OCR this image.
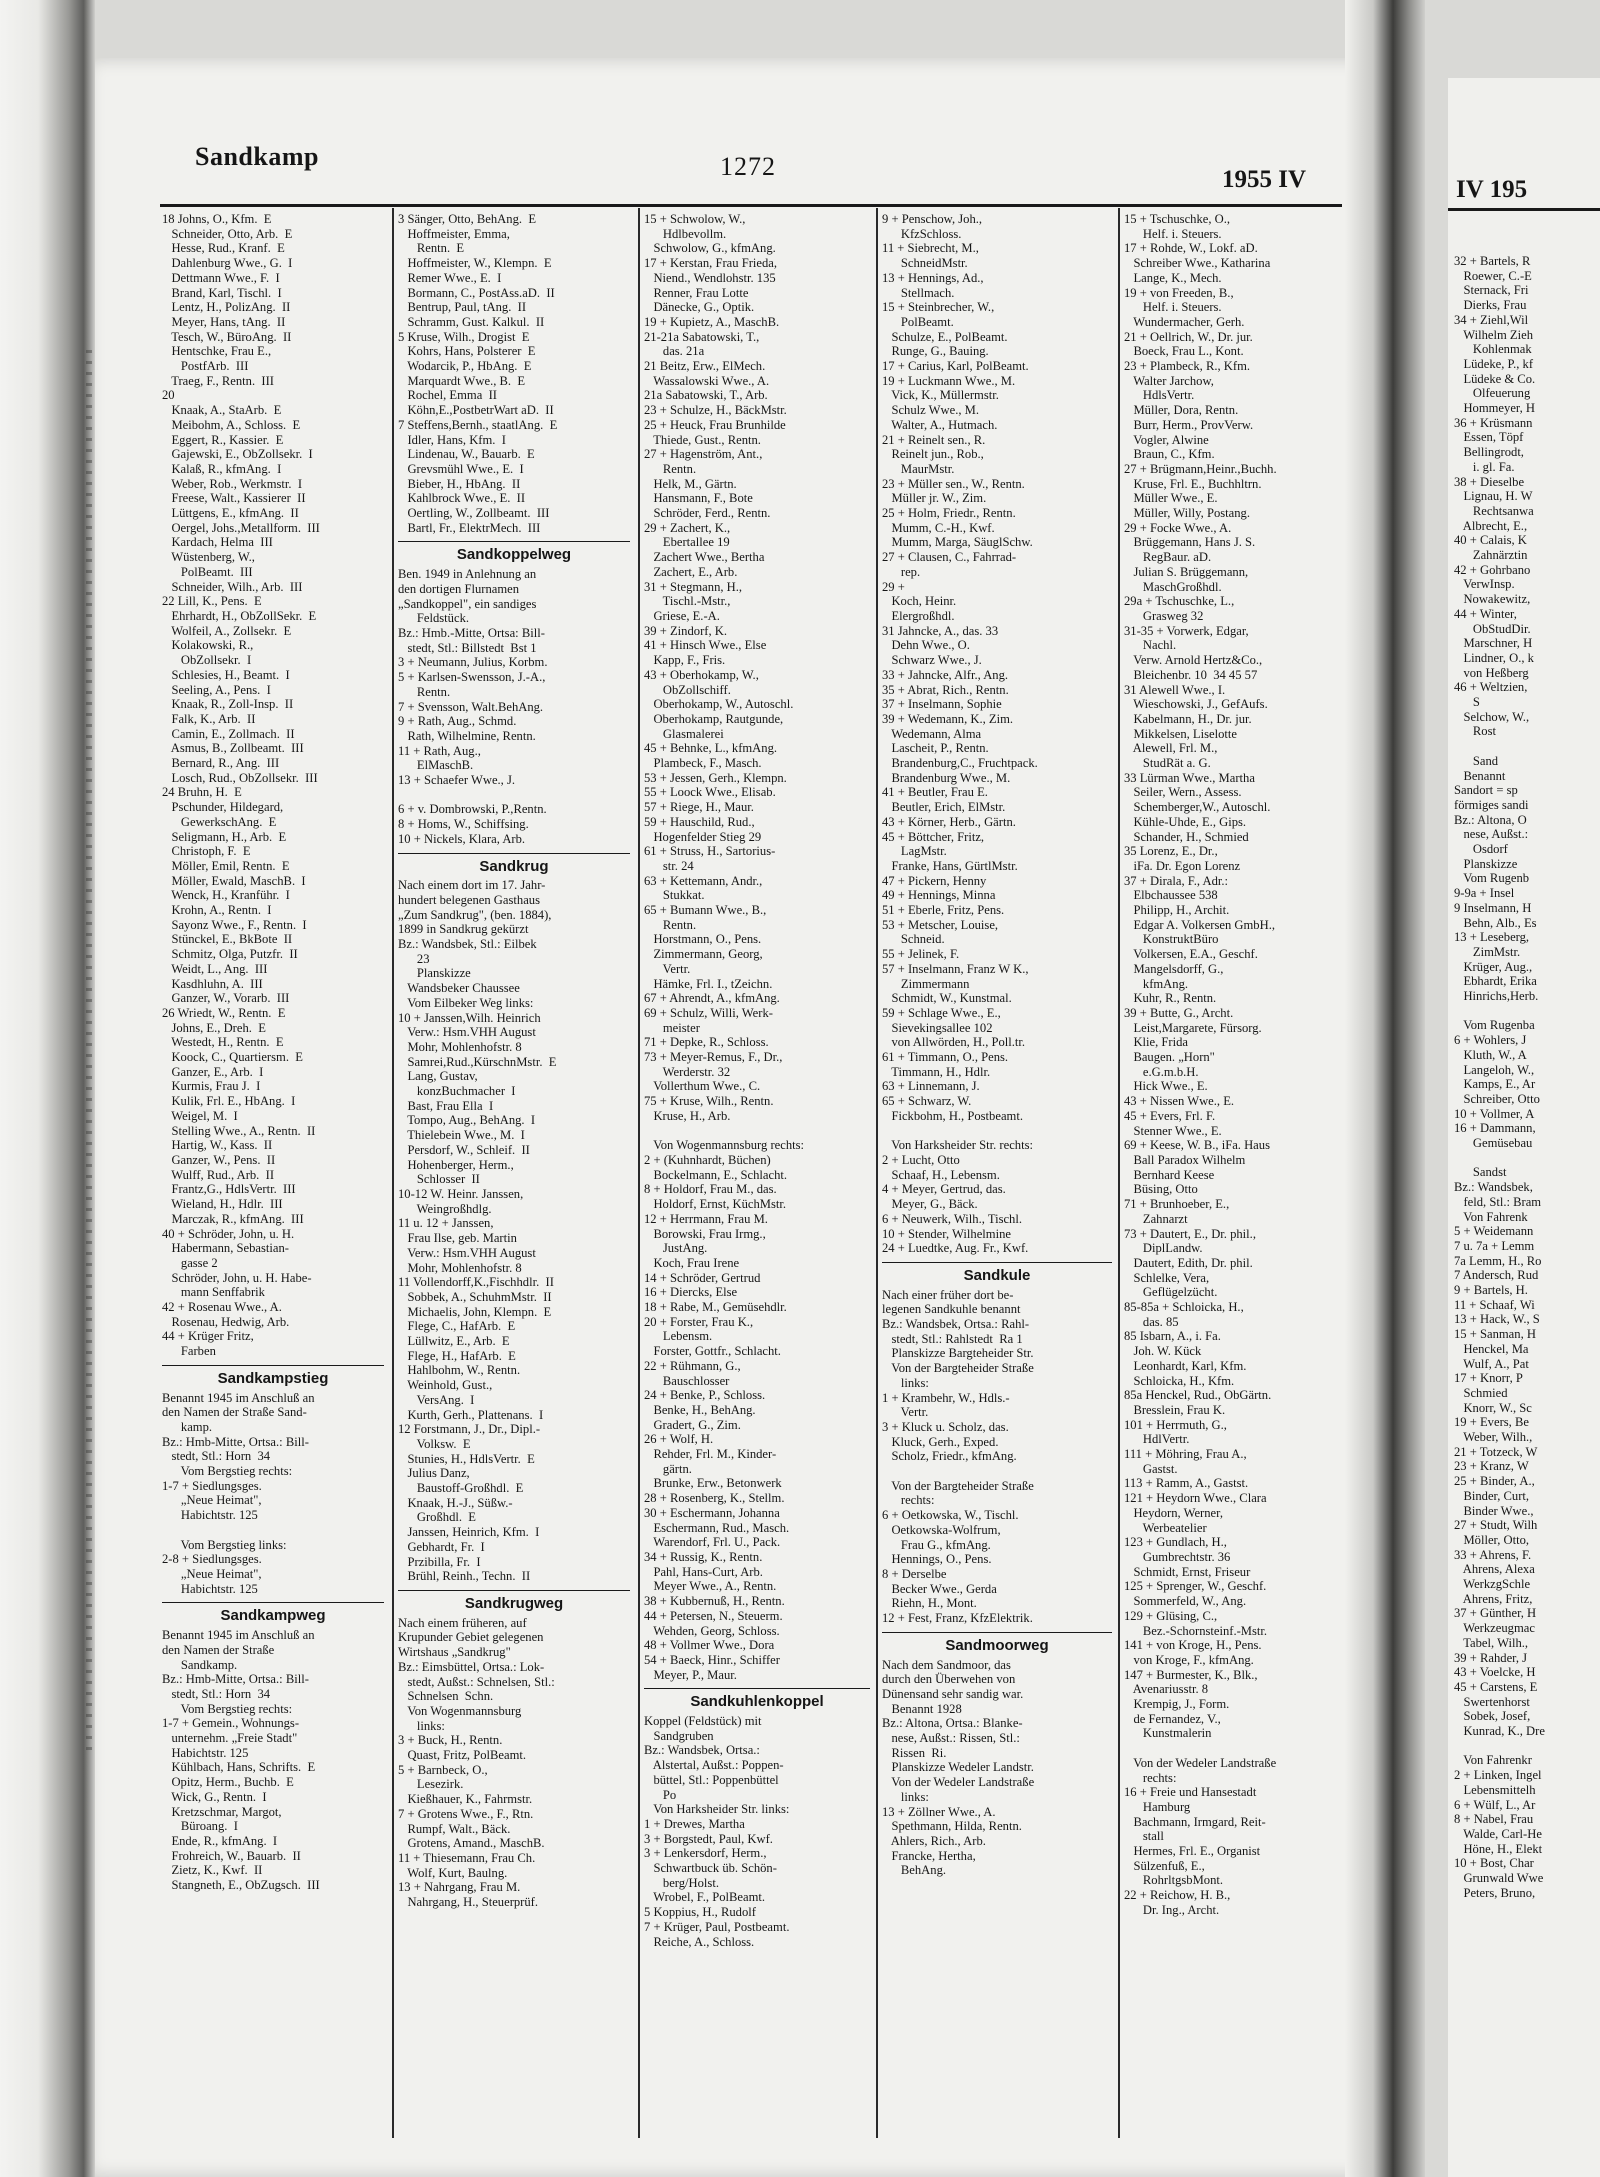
Sandkamp	1272	1955 IV
18 Johns, O., Kfm.  E
Schneider, Otto, Arb.  E
Hesse, Rud., Kranf.  E
Dahlenburg Wwe., G.  I
Dettmann Wwe., F.  I
Brand, Karl, Tischl.  I
Lentz, H., PolizAng.  II
Meyer, Hans, tAng.  II
Tesch, W., BüroAng.  II
Hentschke, Frau E.,
PostfArb.  III
Traeg, F., Rentn.  III
20
Knaak, A., StaArb.  E
Meibohm, A., Schloss.  E
Eggert, R., Kassier.  E
Gajewski, E., ObZollsekr.  I
Kalaß, R., kfmAng.  I
Weber, Rob., Werkmstr.  I
Freese, Walt., Kassierer  II
Lüttgens, E., kfmAng.  II
Oergel, Johs.,Metallform.  III
Kardach, Helma  III
Wüstenberg, W.,
PolBeamt.  III
Schneider, Wilh., Arb.  III
22 Lill, K., Pens.  E
Ehrhardt, H., ObZollSekr.  E
Wolfeil, A., Zollsekr.  E
Kolakowski, R.,
ObZollsekr.  I
Schlesies, H., Beamt.  I
Seeling, A., Pens.  I
Knaak, R., Zoll-Insp.  II
Falk, K., Arb.  II
Camin, E., Zollmach.  II
Asmus, B., Zollbeamt.  III
Bernard, R., Ang.  III
Losch, Rud., ObZollsekr.  III
24 Bruhn, H.  E
Pschunder, Hildegard,
GewerkschAng.  E
Seligmann, H., Arb.  E
Christoph, F.  E
Möller, Emil, Rentn.  E
Möller, Ewald, MaschB.  I
Wenck, H., Kranführ.  I
Krohn, A., Rentn.  I
Sayonz Wwe., F., Rentn.  I
Stünckel, E., BkBote  II
Schmitz, Olga, Putzfr.  II
Weidt, L., Ang.  III
Kasdhluhn, A.  III
Ganzer, W., Vorarb.  III
26 Wriedt, W., Rentn.  E
Johns, E., Dreh.  E
Westedt, H., Rentn.  E
Koock, C., Quartiersm.  E
Ganzer, E., Arb.  I
Kurmis, Frau J.  I
Kulik, Frl. E., HbAng.  I
Weigel, M.  I
Stelling Wwe., A., Rentn.  II
Hartig, W., Kass.  II
Ganzer, W., Pens.  II
Wulff, Rud., Arb.  II
Frantz,G., HdlsVertr.  III
Wieland, H., Hdlr.  III
Marczak, R., kfmAng.  III
40 + Schröder, John, u. H.
Habermann, Sebastian-
gasse 2
Schröder, John, u. H. Habe-
mann Senffabrik
42 + Rosenau Wwe., A.
Rosenau, Hedwig, Arb.
44 + Krüger Fritz,
Farben
Sandkampstieg
Benannt 1945 im Anschluß an
den Namen der Straße Sand-
kamp.
Bz.: Hmb-Mitte, Ortsa.: Bill-
stedt, Stl.: Horn  34
Vom Bergstieg rechts:
1-7 + Siedlungsges.
„Neue Heimat",
Habichtstr. 125

Vom Bergstieg links:
2-8 + Siedlungsges.
„Neue Heimat",
Habichtstr. 125
Sandkampweg
Benannt 1945 im Anschluß an
den Namen der Straße
Sandkamp.
Bz.: Hmb-Mitte, Ortsa.: Bill-
stedt, Stl.: Horn  34
Vom Bergstieg rechts:
1-7 + Gemein., Wohnungs-
unternehm. „Freie Stadt"
Habichtstr. 125
Kühlbach, Hans, Schrifts.  E
Opitz, Herm., Buchb.  E
Wick, G., Rentn.  I
Kretzschmar, Margot,
Büroang.  I
Ende, R., kfmAng.  I
Frohreich, W., Bauarb.  II
Zietz, K., Kwf.  II
Stangneth, E., ObZugsch.  III
3 Sänger, Otto, BehAng.  E
Hoffmeister, Emma,
Rentn.  E
Hoffmeister, W., Klempn.  E
Remer Wwe., E.  I
Bormann, C., PostAss.aD.  II
Bentrup, Paul, tAng.  II
Schramm, Gust. Kalkul.  II
5 Kruse, Wilh., Drogist  E
Kohrs, Hans, Polsterer  E
Wodarcik, P., HbAng.  E
Marquardt Wwe., B.  E
Rochel, Emma  II
Köhn,E.,PostbetrWart aD.  II
7 Steffens,Bernh., staatlAng.  E
Idler, Hans, Kfm.  I
Lindenau, W., Bauarb.  E
Grevsmühl Wwe., E.  I
Bieber, H., HbAng.  II
Kahlbrock Wwe., E.  II
Oertling, W., Zollbeamt.  III
Bartl, Fr., ElektrMech.  III
Sandkoppelweg
Ben. 1949 in Anlehnung an
den dortigen Flurnamen
„Sandkoppel", ein sandiges
Feldstück.
Bz.: Hmb.-Mitte, Ortsa: Bill-
stedt, Stl.: Billstedt  Bst 1
3 + Neumann, Julius, Korbm.
5 + Karlsen-Swensson, J.-A.,
Rentn.
7 + Svensson, Walt.BehAng.
9 + Rath, Aug., Schmd.
Rath, Wilhelmine, Rentn.
11 + Rath, Aug.,
ElMaschB.
13 + Schaefer Wwe., J.

6 + v. Dombrowski, P.,Rentn.
8 + Homs, W., Schiffsing.
10 + Nickels, Klara, Arb.
Sandkrug
Nach einem dort im 17. Jahr-
hundert belegenen Gasthaus
„Zum Sandkrug", (ben. 1884),
1899 in Sandkrug gekürzt
Bz.: Wandsbek, Stl.: Eilbek
23
Planskizze
Wandsbeker Chaussee
Vom Eilbeker Weg links:
10 + Janssen,Wilh. Heinrich
Verw.: Hsm.VHH August
Mohr, Mohlenhofstr. 8
Samrei,Rud.,KürschnMstr.  E
Lang, Gustav,
konzBuchmacher  I
Bast, Frau Ella  I
Tompo, Aug., BehAng.  I
Thielebein Wwe., M.  I
Persdorf, W., Schleif.  II
Hohenberger, Herm.,
Schlosser  II
10-12 W. Heinr. Janssen,
Weingroßhdlg.
11 u. 12 + Janssen,
Frau Ilse, geb. Martin
Verw.: Hsm.VHH August
Mohr, Mohlenhofstr. 8
11 Vollendorff,K.,Fischhdlr.  II
Sobbek, A., SchuhmMstr.  II
Michaelis, John, Klempn.  E
Flege, C., HafArb.  E
Lüllwitz, E., Arb.  E
Flege, H., HafArb.  E
Hahlbohm, W., Rentn.
Weinhold, Gust.,
VersAng.  I
Kurth, Gerh., Plattenans.  I
12 Forstmann, J., Dr., Dipl.-
Volksw.  E
Stunies, H., HdlsVertr.  E
Julius Danz,
Baustoff-Großhdl.  E
Knaak, H.-J., Süßw.-
Großhdl.  E
Janssen, Heinrich, Kfm.  I
Gebhardt, Fr.  I
Przibilla, Fr.  I
Brühl, Reinh., Techn.  II
Sandkrugweg
Nach einem früheren, auf
Krupunder Gebiet gelegenen
Wirtshaus „Sandkrug"
Bz.: Eimsbüttel, Ortsa.: Lok-
stedt, Außst.: Schnelsen, Stl.:
Schnelsen  Schn.
Von Wogenmannsburg
links:
3 + Buck, H., Rentn.
Quast, Fritz, PolBeamt.
5 + Barnbeck, O.,
Lesezirk.
Kießhauer, K., Fahrmstr.
7 + Grotens Wwe., F., Rtn.
Rumpf, Walt., Bäck.
Grotens, Amand., MaschB.
11 + Thiesemann, Frau Ch.
Wolf, Kurt, Baulng.
13 + Nahrgang, Frau M.
Nahrgang, H., Steuerprüf.
15 + Schwolow, W.,
Hdlbevollm.
Schwolow, G., kfmAng.
17 + Kerstan, Frau Frieda,
Niend., Wendlohstr. 135
Renner, Frau Lotte
Dänecke, G., Optik.
19 + Kupietz, A., MaschB.
21-21a Sabatowski, T.,
das. 21a
21 Beitz, Erw., ElMech.
Wassalowski Wwe., A.
21a Sabatowski, T., Arb.
23 + Schulze, H., BäckMstr.
25 + Heuck, Frau Brunhilde
Thiede, Gust., Rentn.
27 + Hagenström, Ant.,
Rentn.
Helk, M., Gärtn.
Hansmann, F., Bote
Schröder, Ferd., Rentn.
29 + Zachert, K.,
Ebertallee 19
Zachert Wwe., Bertha
Zachert, E., Arb.
31 + Stegmann, H.,
Tischl.-Mstr.,
Griese, E.-A.
39 + Zindorf, K.
41 + Hinsch Wwe., Else
Kapp, F., Fris.
43 + Oberhokamp, W.,
ObZollschiff.
Oberhokamp, W., Autoschl.
Oberhokamp, Rautgunde,
Glasmalerei
45 + Behnke, L., kfmAng.
Plambeck, F., Masch.
53 + Jessen, Gerh., Klempn.
55 + Loock Wwe., Elisab.
57 + Riege, H., Maur.
59 + Hauschild, Rud.,
Hogenfelder Stieg 29
61 + Struss, H., Sartorius-
str. 24
63 + Kettemann, Andr.,
Stukkat.
65 + Bumann Wwe., B.,
Rentn.
Horstmann, O., Pens.
Zimmermann, Georg,
Vertr.
Hämke, Frl. I., tZeichn.
67 + Ahrendt, A., kfmAng.
69 + Schulz, Willi, Werk-
meister
71 + Depke, R., Schloss.
73 + Meyer-Remus, F., Dr.,
Werderstr. 32
Vollerthum Wwe., C.
75 + Kruse, Wilh., Rentn.
Kruse, H., Arb.

Von Wogenmannsburg rechts:
2 + (Kuhnhardt, Büchen)
Bockelmann, E., Schlacht.
8 + Holdorf, Frau M., das.
Holdorf, Ernst, KüchMstr.
12 + Herrmann, Frau M.
Borowski, Frau Irmg.,
JustAng.
Koch, Frau Irene
14 + Schröder, Gertrud
16 + Diercks, Else
18 + Rabe, M., Gemüsehdlr.
20 + Forster, Frau K.,
Lebensm.
Forster, Gottfr., Schlacht.
22 + Rühmann, G.,
Bauschlosser
24 + Benke, P., Schloss.
Benke, H., BehAng.
Gradert, G., Zim.
26 + Wolf, H.
Rehder, Frl. M., Kinder-
gärtn.
Brunke, Erw., Betonwerk
28 + Rosenberg, K., Stellm.
30 + Eschermann, Johanna
Eschermann, Rud., Masch.
Warendorf, Frl. U., Pack.
34 + Russig, K., Rentn.
Pahl, Hans-Curt, Arb.
Meyer Wwe., A., Rentn.
38 + Kubbernuß, H., Rentn.
44 + Petersen, N., Steuerm.
Wehden, Georg, Schloss.
48 + Vollmer Wwe., Dora
54 + Baeck, Hinr., Schiffer
Meyer, P., Maur.
Sandkuhlenkoppel
Koppel (Feldstück) mit
Sandgruben
Bz.: Wandsbek, Ortsa.:
Alstertal, Außst.: Poppen-
büttel, Stl.: Poppenbüttel
Po
Von Harksheider Str. links:
1 + Drewes, Martha
3 + Borgstedt, Paul, Kwf.
3 + Lenkersdorf, Herm.,
Schwartbuck üb. Schön-
berg/Holst.
Wrobel, F., PolBeamt.
5 Koppius, H., Rudolf
7 + Krüger, Paul, Postbeamt.
Reiche, A., Schloss.
9 + Penschow, Joh.,
KfzSchloss.
11 + Siebrecht, M.,
SchneidMstr.
13 + Hennings, Ad.,
Stellmach.
15 + Steinbrecher, W.,
PolBeamt.
Schulze, E., PolBeamt.
Runge, G., Bauing.
17 + Carius, Karl, PolBeamt.
19 + Luckmann Wwe., M.
Vick, K., Müllermstr.
Schulz Wwe., M.
Walter, A., Hutmach.
21 + Reinelt sen., R.
Reinelt jun., Rob.,
MaurMstr.
23 + Müller sen., W., Rentn.
Müller jr. W., Zim.
25 + Holm, Friedr., Rentn.
Mumm, C.-H., Kwf.
Mumm, Marga, SäuglSchw.
27 + Clausen, C., Fahrrad-
rep.
29 +
Koch, Heinr.
Elergroßhdl.
31 Jahncke, A., das. 33
Dehn Wwe., O.
Schwarz Wwe., J.
33 + Jahncke, Alfr., Ang.
35 + Abrat, Rich., Rentn.
37 + Inselmann, Sophie
39 + Wedemann, K., Zim.
Wedemann, Alma
Lascheit, P., Rentn.
Brandenburg,C., Fruchtpack.
Brandenburg Wwe., M.
41 + Beutler, Frau E.
Beutler, Erich, ElMstr.
43 + Körner, Herb., Gärtn.
45 + Böttcher, Fritz,
LagMstr.
Franke, Hans, GürtlMstr.
47 + Pickern, Henny
49 + Hennings, Minna
51 + Eberle, Fritz, Pens.
53 + Metscher, Louise,
Schneid.
55 + Jelinek, F.
57 + Inselmann, Franz W K.,
Zimmermann
Schmidt, W., Kunstmal.
59 + Schlage Wwe., E.,
Sievekingsallee 102
von Allwörden, H., Poll.tr.
61 + Timmann, O., Pens.
Timmann, H., Hdlr.
63 + Linnemann, J.
65 + Schwarz, W.
Fickbohm, H., Postbeamt.

Von Harksheider Str. rechts:
2 + Lucht, Otto
Schaaf, H., Lebensm.
4 + Meyer, Gertrud, das.
Meyer, G., Bäck.
6 + Neuwerk, Wilh., Tischl.
10 + Stender, Wilhelmine
24 + Luedtke, Aug. Fr., Kwf.
Sandkule
Nach einer früher dort be-
legenen Sandkuhle benannt
Bz.: Wandsbek, Ortsa.: Rahl-
stedt, Stl.: Rahlstedt  Ra 1
Planskizze Bargteheider Str.
Von der Bargteheider Straße
links:
1 + Krambehr, W., Hdls.-
Vertr.
3 + Kluck u. Scholz, das.
Kluck, Gerh., Exped.
Scholz, Friedr., kfmAng.

Von der Bargteheider Straße
rechts:
6 + Oetkowska, W., Tischl.
Oetkowska-Wolfrum,
Frau G., kfmAng.
Hennings, O., Pens.
8 + Derselbe
Becker Wwe., Gerda
Riehn, H., Mont.
12 + Fest, Franz, KfzElektrik.
Sandmoorweg
Nach dem Sandmoor, das
durch den Überwehen von
Dünensand sehr sandig war.
Benannt 1928
Bz.: Altona, Ortsa.: Blanke-
nese, Außst.: Rissen, Stl.:
Rissen  Ri.
Planskizze Wedeler Landstr.
Von der Wedeler Landstraße
links:
13 + Zöllner Wwe., A.
Spethmann, Hilda, Rentn.
Ahlers, Rich., Arb.
Francke, Hertha,
BehAng.
15 + Tschuschke, O.,
Helf. i. Steuers.
17 + Rohde, W., Lokf. aD.
Schreiber Wwe., Katharina
Lange, K., Mech.
19 + von Freeden, B.,
Helf. i. Steuers.
Wundermacher, Gerh.
21 + Oellrich, W., Dr. jur.
Boeck, Frau L., Kont.
23 + Plambeck, R., Kfm.
Walter Jarchow,
HdlsVertr.
Müller, Dora, Rentn.
Burr, Herm., ProvVerw.
Vogler, Alwine
Braun, C., Kfm.
27 + Brügmann,Heinr.,Buchh.
Kruse, Frl. E., Buchhltrn.
Müller Wwe., E.
Müller, Willy, Postang.
29 + Focke Wwe., A.
Brüggemann, Hans J. S.
RegBaur. aD.
Julian S. Brüggemann,
MaschGroßhdl.
29a + Tschuschke, L.,
Grasweg 32
31-35 + Vorwerk, Edgar,
Nachl.
Verw. Arnold Hertz&Co.,
Bleichenbr. 10  34 45 57
31 Alewell Wwe., I.
Wieschowski, J., GefAufs.
Kabelmann, H., Dr. jur.
Mikkelsen, Liselotte
Alewell, Frl. M.,
StudRät a. G.
33 Lürman Wwe., Martha
Seiler, Wern., Assess.
Schemberger,W., Autoschl.
Kühle-Uhde, E., Gips.
Schander, H., Schmied
35 Lorenz, E., Dr.,
iFa. Dr. Egon Lorenz
37 + Dirala, F., Adr.:
Elbchaussee 538
Philipp, H., Archit.
Edgar A. Volkersen GmbH.,
KonstruktBüro
Volkersen, E.A., Geschf.
Mangelsdorff, G.,
kfmAng.
Kuhr, R., Rentn.
39 + Butte, G., Archt.
Leist,Margarete, Fürsorg.
Klie, Frida
Baugen. „Horn"
e.G.m.b.H.
Hick Wwe., E.
43 + Nissen Wwe., E.
45 + Evers, Frl. F.
Stenner Wwe., E.
69 + Keese, W. B., iFa. Haus
Ball Paradox Wilhelm
Bernhard Keese
Büsing, Otto
71 + Brunhoeber, E.,
Zahnarzt
73 + Dautert, E., Dr. phil.,
DiplLandw.
Dautert, Edith, Dr. phil.
Schlelke, Vera,
Geflügelzücht.
85-85a + Schloicka, H.,
das. 85
85 Isbarn, A., i. Fa.
Joh. W. Kück
Leonhardt, Karl, Kfm.
Schloicka, H., Kfm.
85a Henckel, Rud., ObGärtn.
Bresslein, Frau K.
101 + Herrmuth, G.,
HdlVertr.
111 + Möhring, Frau A.,
Gastst.
113 + Ramm, A., Gastst.
121 + Heydorn Wwe., Clara
Heydorn, Werner,
Werbeatelier
123 + Gundlach, H.,
Gumbrechtstr. 36
Schmidt, Ernst, Friseur
125 + Sprenger, W., Geschf.
Sommerfeld, W., Ang.
129 + Glüsing, C.,
Bez.-Schornsteinf.-Mstr.
141 + von Kroge, H., Pens.
von Kroge, F., kfmAng.
147 + Burmester, K., Blk.,
Avenariusstr. 8
Krempig, J., Form.
de Fernandez, V.,
Kunstmalerin

Von der Wedeler Landstraße
rechts:
16 + Freie und Hansestadt
Hamburg
Bachmann, Irmgard, Reit-
stall
Hermes, Frl. E., Organist
Sülzenfuß, E.,
RohrltgsbMont.
22 + Reichow, H. B.,
Dr. Ing., Archt.
IV 195
32 + Bartels, R
Roewer, C.-E
Sternack, Fri
Dierks, Frau
34 + Ziehl,Wil
Wilhelm Zieh
Kohlenmak
Lüdeke, P., kf
Lüdeke & Co.
Olfeuerung
Hommeyer, H
36 + Krüsmann
Essen, Töpf
Bellingrodt,
i. gl. Fa.
38 + Dieselbe
Lignau, H. W
Rechtsanwa
Albrecht, E.,
40 + Calais, K
Zahnärztin
42 + Gohrbano
VerwInsp.
Nowakewitz,
44 + Winter,
ObStudDir.
Marschner, H
Lindner, O., k
von Heßberg
46 + Weltzien,
S
Selchow, W.,
Rost

Sand
Benannt
Sandort = sp
förmiges sandi
Bz.: Altona, O
nese, Außst.:
Osdorf
Planskizze
Vom Rugenb
9-9a + Insel
9 Inselmann, H
Behn, Alb., Es
13 + Leseberg,
ZimMstr.
Krüger, Aug.,
Ebhardt, Erika
Hinrichs,Herb.

Vom Rugenba
6 + Wohlers, J
Kluth, W., A
Langeloh, W.,
Kamps, E., Ar
Schreiber, Otto
10 + Vollmer, A
16 + Dammann,
Gemüsebau

Sandst
Bz.: Wandsbek,
feld, Stl.: Bram
Von Fahrenk
5 + Weidemann
7 u. 7a + Lemm
7a Lemm, H., Ro
7 Andersch, Rud
9 + Bartels, H.
11 + Schaaf, Wi
13 + Hack, W., S
15 + Sanman, H
Henckel, Ma
Wulf, A., Pat
17 + Knorr, P
Schmied
Knorr, W., Sc
19 + Evers, Be
Weber, Wilh.,
21 + Totzeck, W
23 + Kranz, W
25 + Binder, A.,
Binder, Curt,
Binder Wwe.,
27 + Studt, Wilh
Möller, Otto,
33 + Ahrens, F.
Ahrens, Alexa
WerkzgSchle
Ahrens, Fritz,
37 + Günther, H
Werkzeugmac
Tabel, Wilh.,
39 + Rahder, J
43 + Voelcke, H
45 + Carstens, E
Swertenhorst
Sobek, Josef,
Kunrad, K., Dre

Von Fahrenkr
2 + Linken, Ingel
Lebensmittelh
6 + Wülf, L., Ar
8 + Nabel, Frau
Walde, Carl-He
Höne, H., Elekt
10 + Bost, Char
Grunwald Wwe
Peters, Bruno,
